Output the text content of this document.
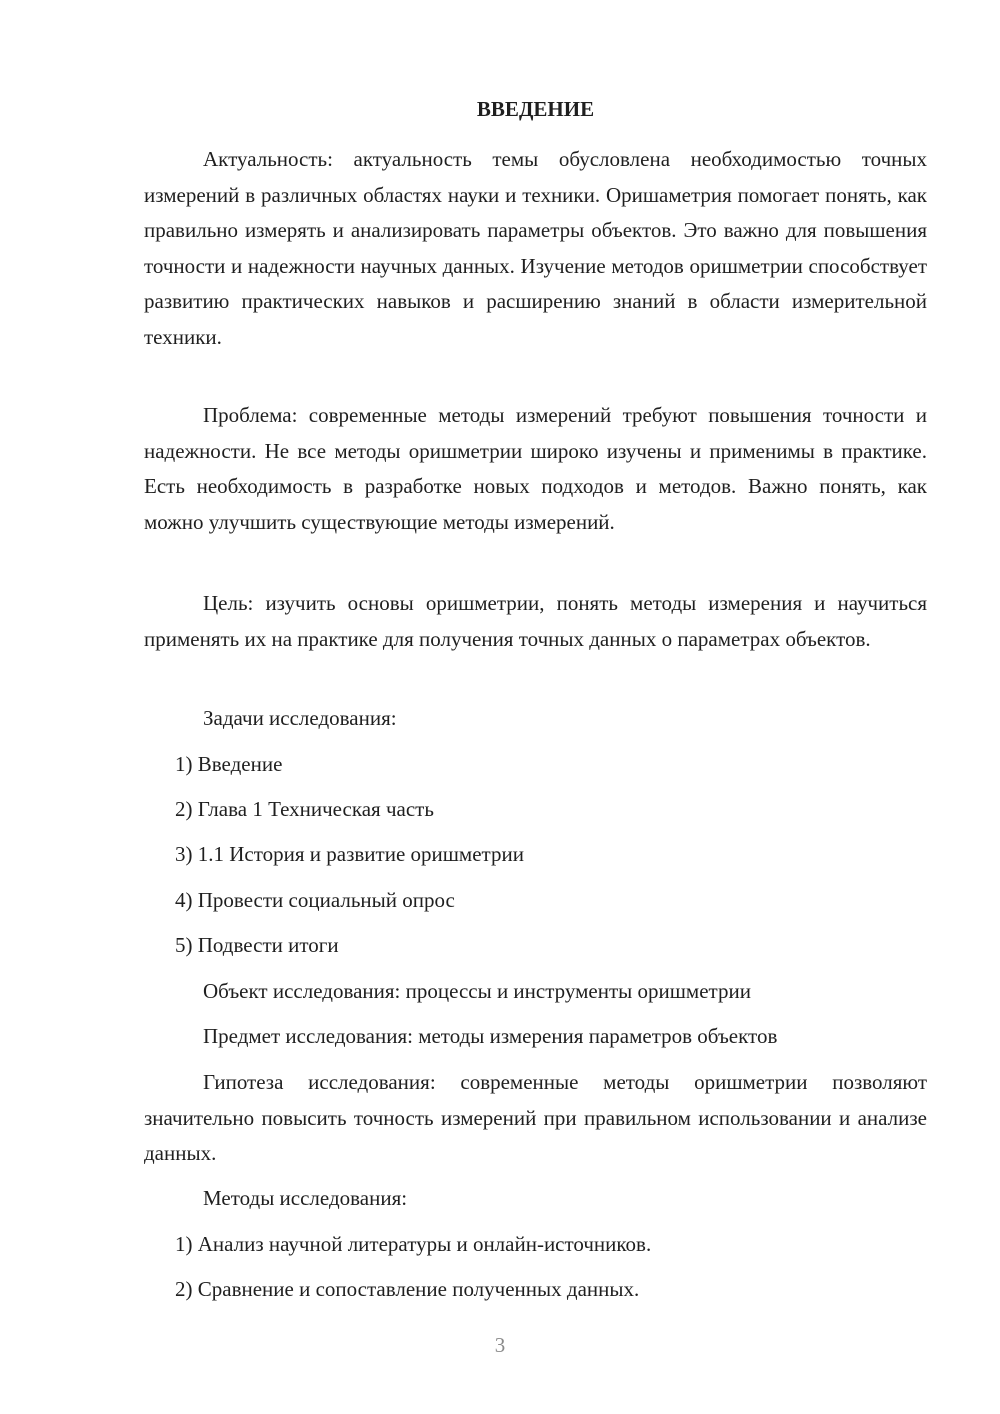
ВВЕДЕНИЕ

Актуальность: актуальность темы обусловлена необходимостью точных измерений в различных областях науки и техники. Оришаметрия помогает понять, как правильно измерять и анализировать параметры объектов. Это важно для повышения точности и надежности научных данных. Изучение методов оришметрии способствует развитию практических навыков и расширению знаний в области измерительной техники.

Проблема: современные методы измерений требуют повышения точности и надежности. Не все методы оришметрии широко изучены и применимы в практике. Есть необходимость в разработке новых подходов и методов. Важно понять, как можно улучшить существующие методы измерений.

Цель: изучить основы оришметрии, понять методы измерения и научиться применять их на практике для получения точных данных о параметрах объектов.

Задачи исследования:
1) Введение
2) Глава 1 Техническая часть
3) 1.1 История и развитие оришметрии
4) Провести социальный опрос
5) Подвести итоги
Объект исследования: процессы и инструменты оришметрии
Предмет исследования: методы измерения параметров объектов

Гипотеза исследования: современные методы оришметрии позволяют значительно повысить точность измерений при правильном использовании и анализе данных.

Методы исследования:
1) Анализ научной литературы и онлайн-источников.
2) Сравнение и сопоставление полученных данных.
3
